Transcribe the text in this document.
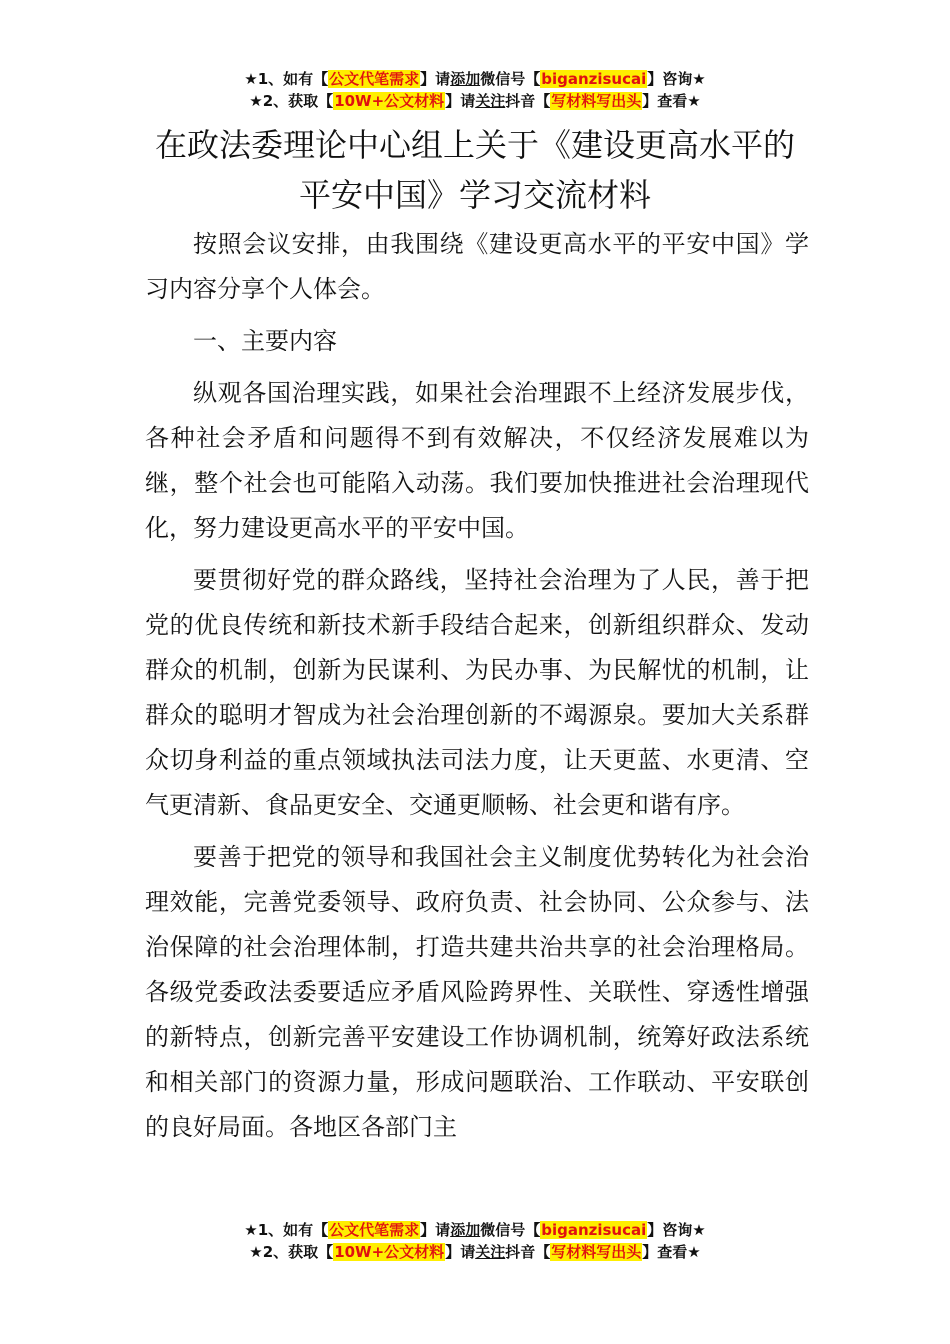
★1、如有【公文代笔需求】请添加微信号【biganzisucai】咨询★
★2、获取【10W+公文材料】请关注抖音【写材料写出头】查看★
在政法委理论中心组上关于《建设更高水平的平安中国》学习交流材料

按照会议安排，由我围绕《建设更高水平的平安中国》学习内容分享个人体会。

一、主要内容

纵观各国治理实践，如果社会治理跟不上经济发展步伐，各种社会矛盾和问题得不到有效解决，不仅经济发展难以为继，整个社会也可能陷入动荡。我们要加快推进社会治理现代化，努力建设更高水平的平安中国。

要贯彻好党的群众路线，坚持社会治理为了人民，善于把党的优良传统和新技术新手段结合起来，创新组织群众、发动群众的机制，创新为民谋利、为民办事、为民解忧的机制，让群众的聪明才智成为社会治理创新的不竭源泉。要加大关系群众切身利益的重点领域执法司法力度，让天更蓝、水更清、空气更清新、食品更安全、交通更顺畅、社会更和谐有序。

要善于把党的领导和我国社会主义制度优势转化为社会治理效能，完善党委领导、政府负责、社会协同、公众参与、法治保障的社会治理体制，打造共建共治共享的社会治理格局。各级党委政法委要适应矛盾风险跨界性、关联性、穿透性增强的新特点，创新完善平安建设工作协调机制，统筹好政法系统和相关部门的资源力量，形成问题联治、工作联动、平安联创的良好局面。各地区各部门主

★1、如有【公文代笔需求】请添加微信号【biganzisucai】咨询★
★2、获取【10W+公文材料】请关注抖音【写材料写出头】查看★
